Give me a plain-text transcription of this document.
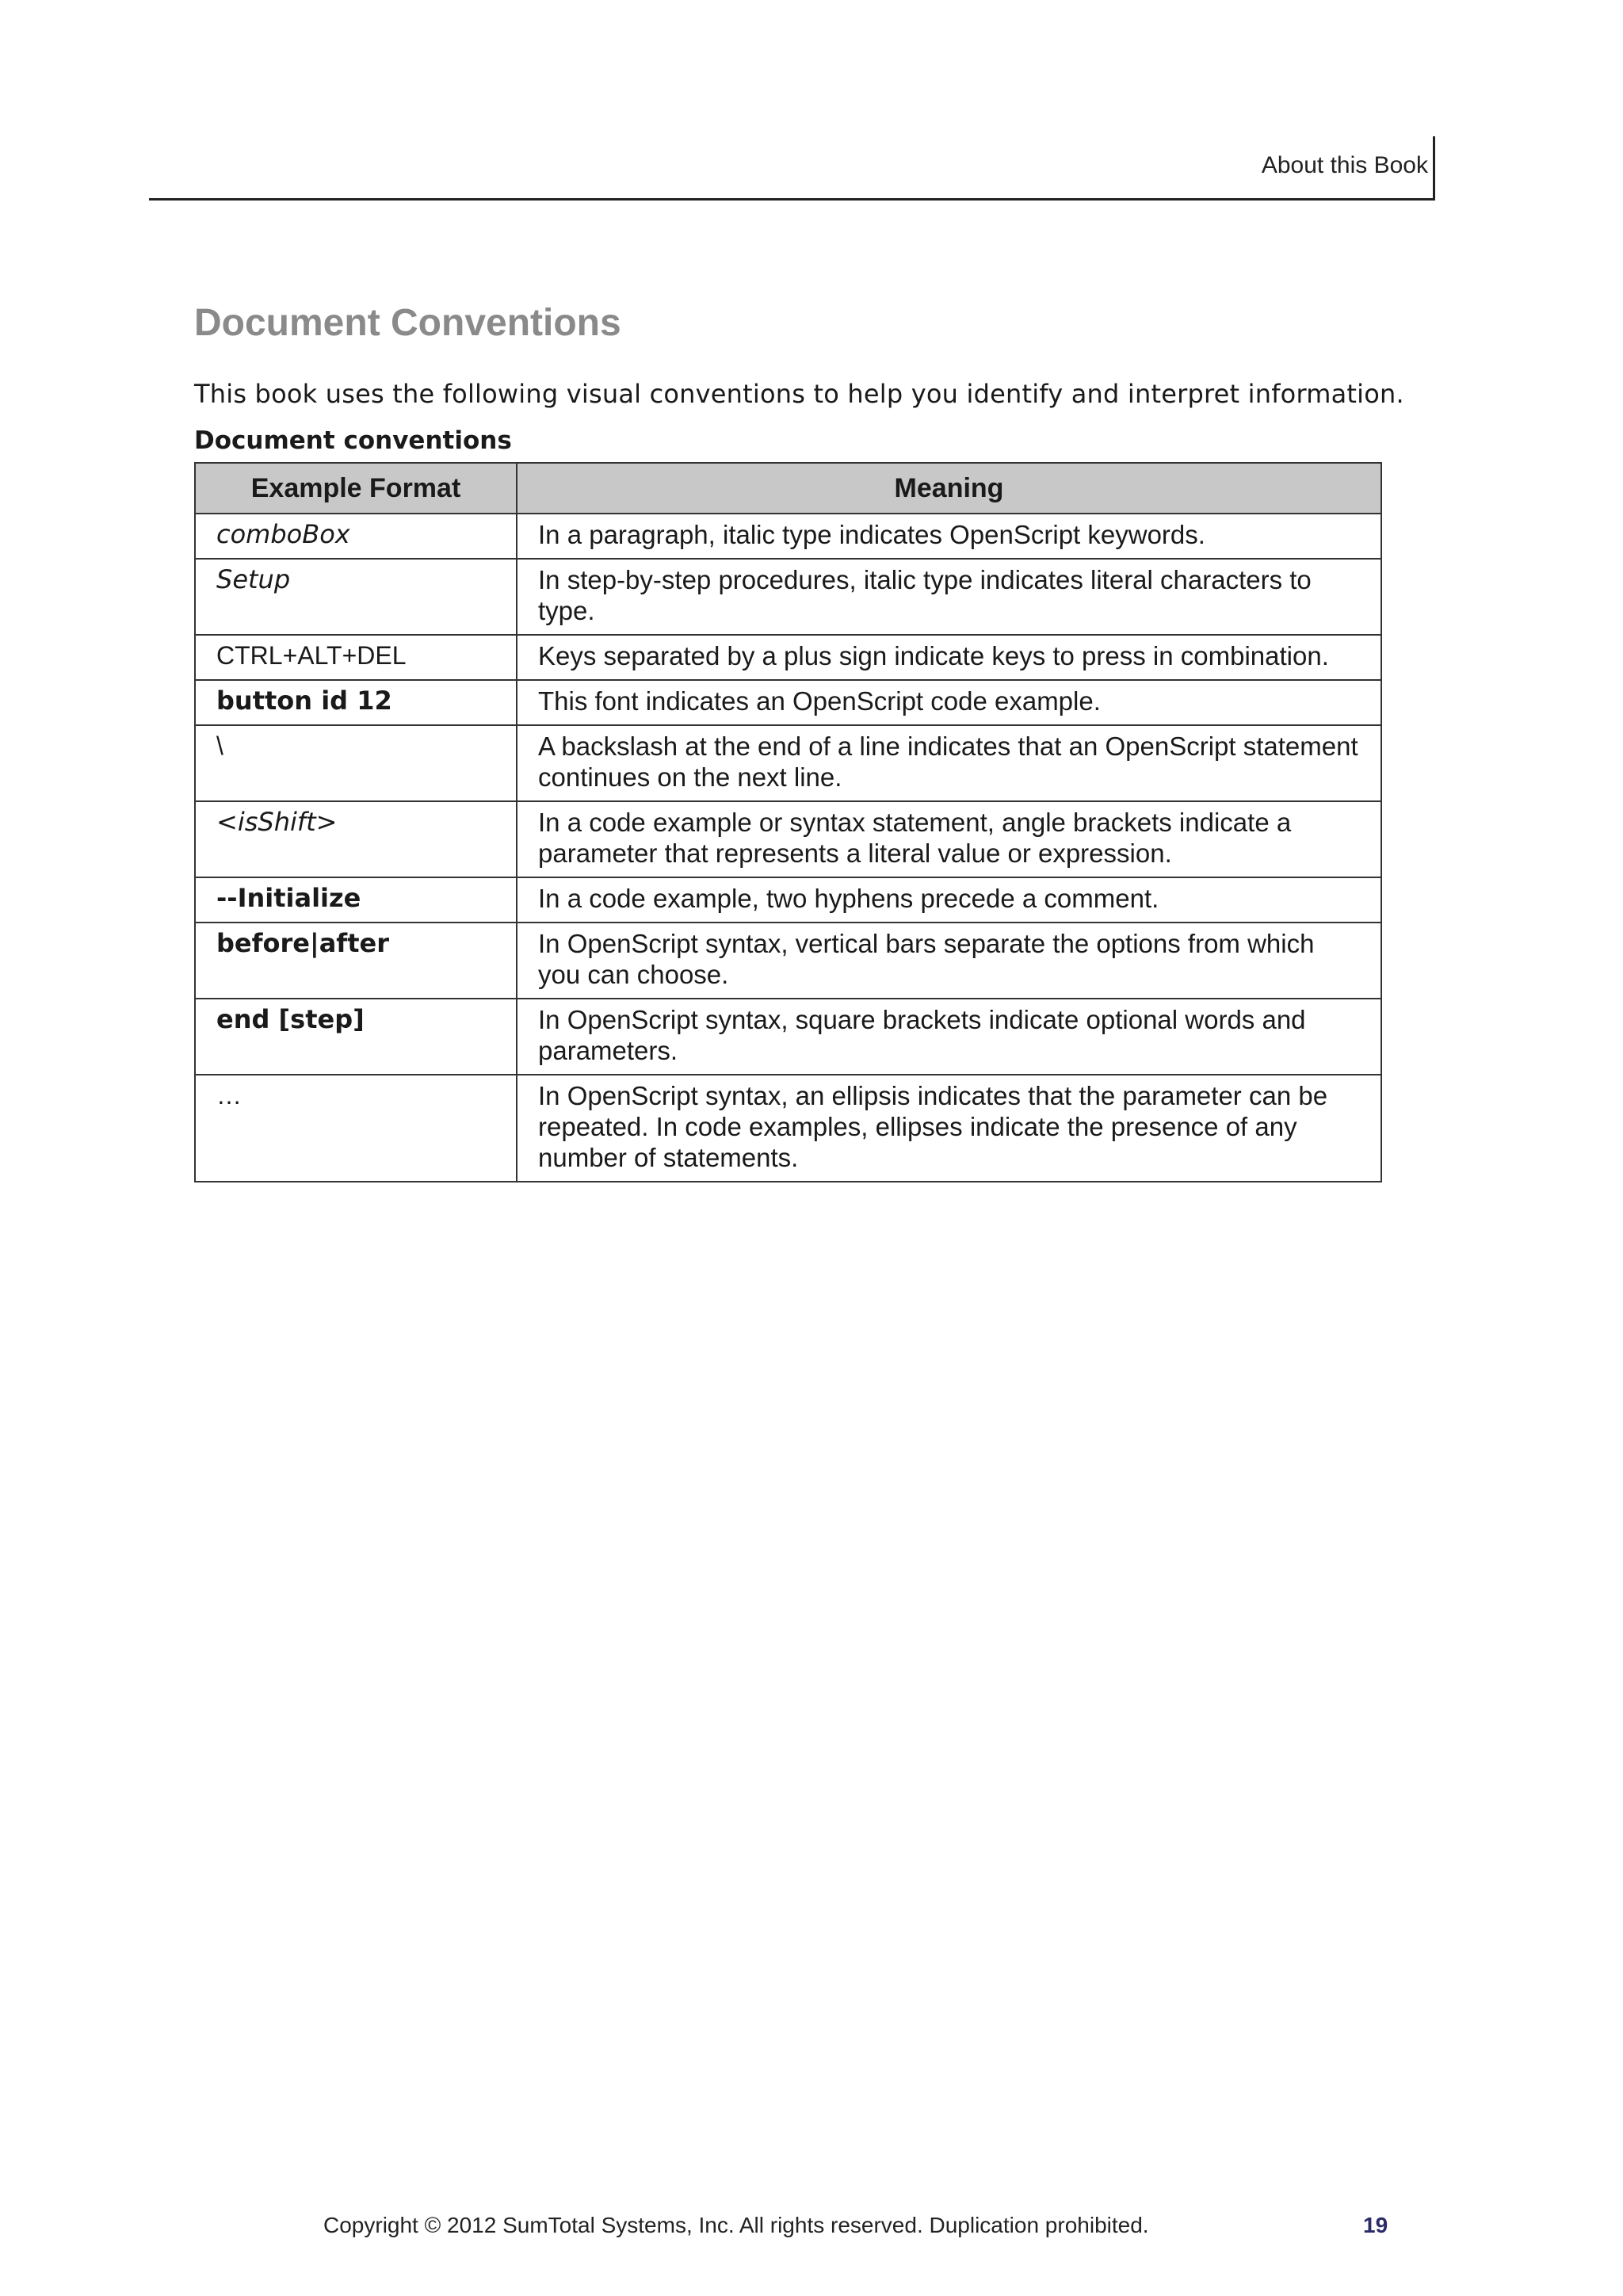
About this Book
Document Conventions
This book uses the following visual conventions to help you identify and interpret information.
Document conventions
Example Format	Meaning
comboBox	In a paragraph, italic type indicates OpenScript keywords.
Setup	In step-by-step procedures, italic type indicates literal characters to type.
CTRL+ALT+DEL	Keys separated by a plus sign indicate keys to press in combination.
button id 12	This font indicates an OpenScript code example.
\	A backslash at the end of a line indicates that an OpenScript statement continues on the next line.
<isShift>	In a code example or syntax statement, angle brackets indicate a parameter that represents a literal value or expression.
--Initialize	In a code example, two hyphens precede a comment.
before|after	In OpenScript syntax, vertical bars separate the options from which you can choose.
end [step]	In OpenScript syntax, square brackets indicate optional words and parameters.
…	In OpenScript syntax, an ellipsis indicates that the parameter can be repeated. In code examples, ellipses indicate the presence of any number of statements.
Copyright © 2012 SumTotal Systems, Inc. All rights reserved. Duplication prohibited.	19
